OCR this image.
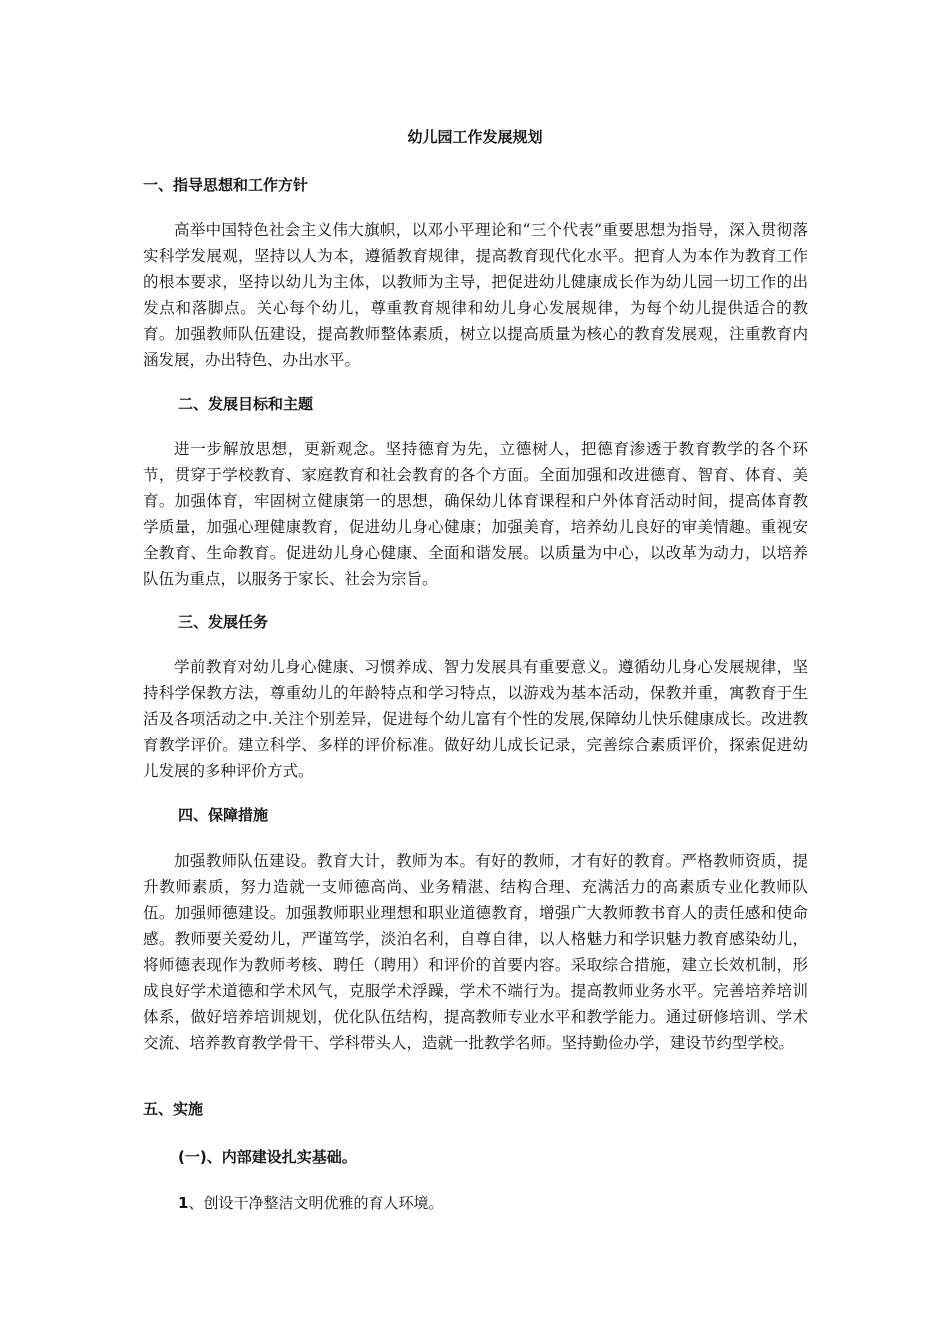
幼儿园工作发展规划
一、指导思想和工作方针

高举中国特色社会主义伟大旗帜，以邓小平理论和“三个代表”重要思想为指导，深入贯彻落实科学发展观，坚持以人为本，遵循教育规律，提高教育现代化水平。把育人为本作为教育工作的根本要求，坚持以幼儿为主体，以教师为主导，把促进幼儿健康成长作为幼儿园一切工作的出发点和落脚点。关心每个幼儿，尊重教育规律和幼儿身心发展规律，为每个幼儿提供适合的教育。加强教师队伍建设，提高教师整体素质，树立以提高质量为核心的教育发展观，注重教育内涵发展，办出特色、办出水平。

二、发展目标和主题

进一步解放思想，更新观念。坚持德育为先，立德树人，把德育渗透于教育教学的各个环节，贯穿于学校教育、家庭教育和社会教育的各个方面。全面加强和改进德育、智育、体育、美育。加强体育，牢固树立健康第一的思想，确保幼儿体育课程和户外体育活动时间，提高体育教学质量，加强心理健康教育，促进幼儿身心健康；加强美育，培养幼儿良好的审美情趣。重视安全教育、生命教育。促进幼儿身心健康、全面和谐发展。以质量为中心，以改革为动力，以培养队伍为重点，以服务于家长、社会为宗旨。

三、发展任务

学前教育对幼儿身心健康、习惯养成、智力发展具有重要意义。遵循幼儿身心发展规律，坚持科学保教方法，尊重幼儿的年龄特点和学习特点，以游戏为基本活动，保教并重，寓教育于生活及各项活动之中.关注个别差异，促进每个幼儿富有个性的发展,保障幼儿快乐健康成长。改进教育教学评价。建立科学、多样的评价标准。做好幼儿成长记录，完善综合素质评价，探索促进幼儿发展的多种评价方式。

四、保障措施

加强教师队伍建设。教育大计，教师为本。有好的教师，才有好的教育。严格教师资质，提升教师素质，努力造就一支师德高尚、业务精湛、结构合理、充满活力的高素质专业化教师队伍。加强师德建设。加强教师职业理想和职业道德教育，增强广大教师教书育人的责任感和使命感。教师要关爱幼儿，严谨笃学，淡泊名利，自尊自律，以人格魅力和学识魅力教育感染幼儿，将师德表现作为教师考核、聘任（聘用）和评价的首要内容。采取综合措施，建立长效机制，形成良好学术道德和学术风气，克服学术浮躁，学术不端行为。提高教师业务水平。完善培养培训体系，做好培养培训规划，优化队伍结构，提高教师专业水平和教学能力。通过研修培训、学术交流、培养教育教学骨干、学科带头人，造就一批教学名师。坚持勤俭办学，建设节约型学校。

五、实施
(一)、内部建设扎实基础。
1、创设干净整洁文明优雅的育人环境。
